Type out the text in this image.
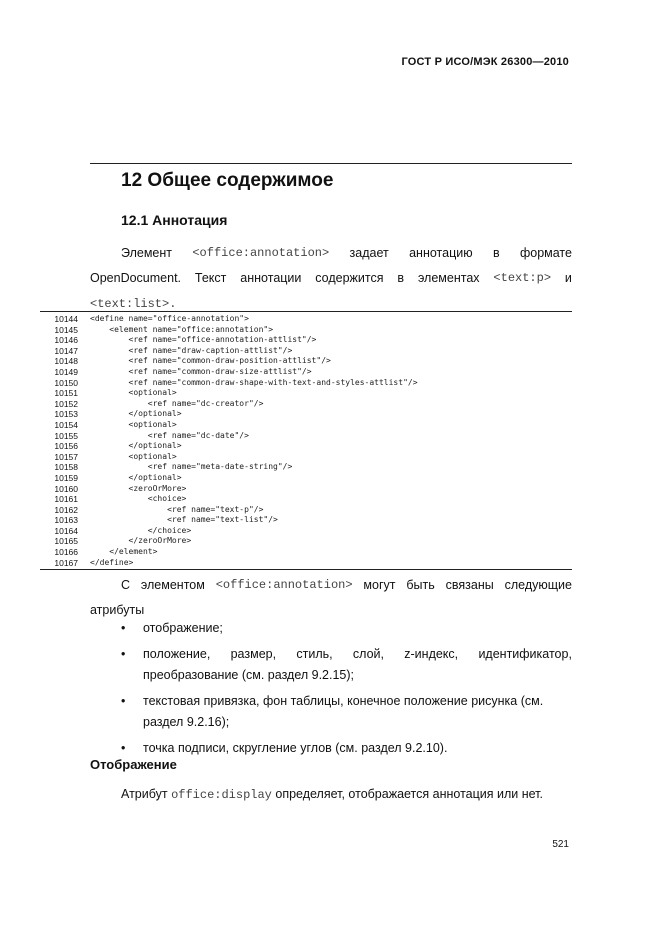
ГОСТ Р ИСО/МЭК 26300—2010
12 Общее содержимое
12.1 Аннотация
Элемент <office:annotation> задает аннотацию в формате
OpenDocument. Текст аннотации содержится в элементах <text:p> и
<text:list>.
10144 <define name="office-annotation">
10145 <element name="office:annotation">
10146 <ref name="office-annotation-attlist"/>
10147 <ref name="draw-caption-attlist"/>
10148 <ref name="common-draw-position-attlist"/>
10149 <ref name="common-draw-size-attlist"/>
10150 <ref name="common-draw-shape-with-text-and-styles-attlist"/>
10151 <optional>
10152 <ref name="dc-creator"/>
10153 </optional>
10154 <optional>
10155 <ref name="dc-date"/>
10156 </optional>
10157 <optional>
10158 <ref name="meta-date-string"/>
10159 </optional>
10160 <zeroOrMore>
10161 <choice>
10162 <ref name="text-p"/>
10163 <ref name="text-list"/>
10164 </choice>
10165 </zeroOrMore>
10166 </element>
10167 </define>
С элементом <office:annotation> могут быть связаны следующие
атрибуты
• отображение;
• положение, размер, стиль, слой, z-индекс, идентификатор,
преобразование (см. раздел 9.2.15);
• текстовая привязка, фон таблицы, конечное положение рисунка (см.
раздел 9.2.16);
• точка подписи, скругление углов (см. раздел 9.2.10).
Отображение
Атрибут office:display определяет, отображается аннотация или нет.
521
